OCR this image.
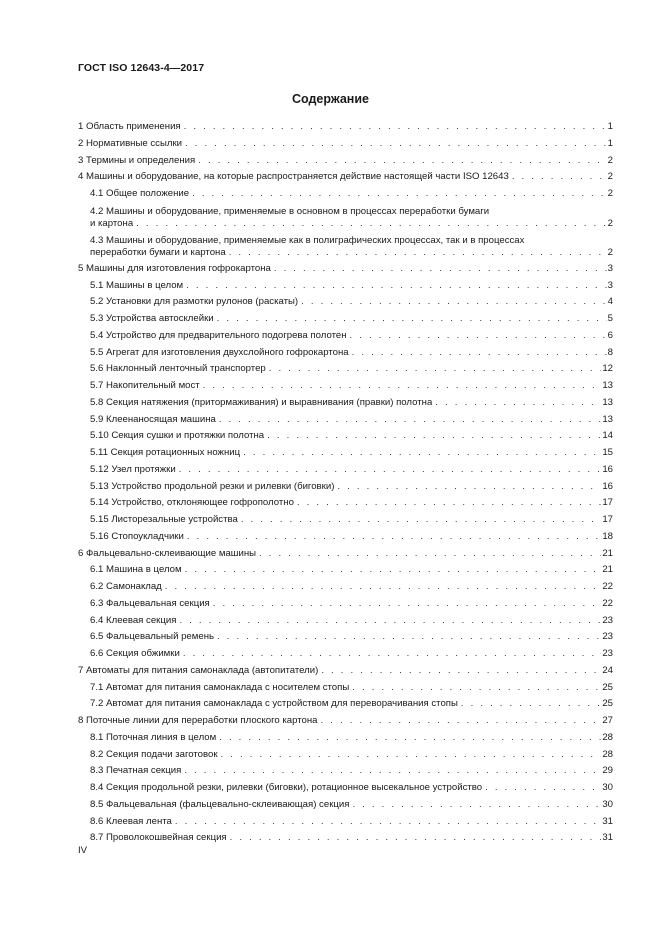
ГОСТ ISO 12643-4—2017
Содержание
1 Область применения . . .	1
2 Нормативные ссылки . . .	1
3 Термины и определения . . .	2
4 Машины и оборудование, на которые распространяется действие настоящей части ISO 12643 . . .	2
4.1 Общее положение . . .	2
4.2 Машины и оборудование, применяемые в основном в процессах переработки бумаги
и картона . . .	2
4.3 Машины и оборудование, применяемые как в полиграфических процессах, так и в процессах
переработки бумаги и картона . . .	2
5 Машины для изготовления гофрокартона . . .	3
5.1 Машины в целом . . .	3
5.2 Установки для размотки рулонов (раскаты) . . .	4
5.3 Устройства автосклейки . . .	5
5.4 Устройство для предварительного подогрева полотен . . .	6
5.5 Агрегат для изготовления двухслойного гофрокартона . . .	8
5.6 Наклонный ленточный транспортер . . .	12
5.7 Накопительный мост . . .	13
5.8 Секция натяжения (притормаживания) и выравнивания (правки) полотна . . .	13
5.9 Клеенаносящая машина . . .	13
5.10 Секция сушки и протяжки полотна . . .	14
5.11 Секция ротационных ножниц . . .	15
5.12 Узел протяжки . . .	16
5.13 Устройство продольной резки и рилевки (биговки) . . .	16
5.14 Устройство, отклоняющее гофрополотно . . .	17
5.15 Листорезальные устройства . . .	17
5.16 Стопоукладчики . . .	18
6 Фальцевально-склеивающие машины . . .	21
6.1 Машина в целом . . .	21
6.2 Самонаклад . . .	22
6.3 Фальцевальная секция . . .	22
6.4 Клеевая секция . . .	23
6.5 Фальцевальный ремень . . .	23
6.6 Секция обжимки . . .	23
7 Автоматы для питания самонаклада (автопитатели) . . .	24
7.1 Автомат для питания самонаклада с носителем стопы . . .	25
7.2 Автомат для питания самонаклада с устройством для переворачивания стопы . . .	25
8 Поточные линии для переработки плоского картона . . .	27
8.1 Поточная линия в целом . . .	28
8.2 Секция подачи заготовок . . .	28
8.3 Печатная секция . . .	29
8.4 Секция продольной резки, рилевки (биговки), ротационное высекальное устройство . . .	30
8.5 Фальцевальная (фальцевально-склеивающая) секция . . .	30
8.6 Клеевая лента . . .	31
8.7 Проволокошвейная секция . . .	31
IV
